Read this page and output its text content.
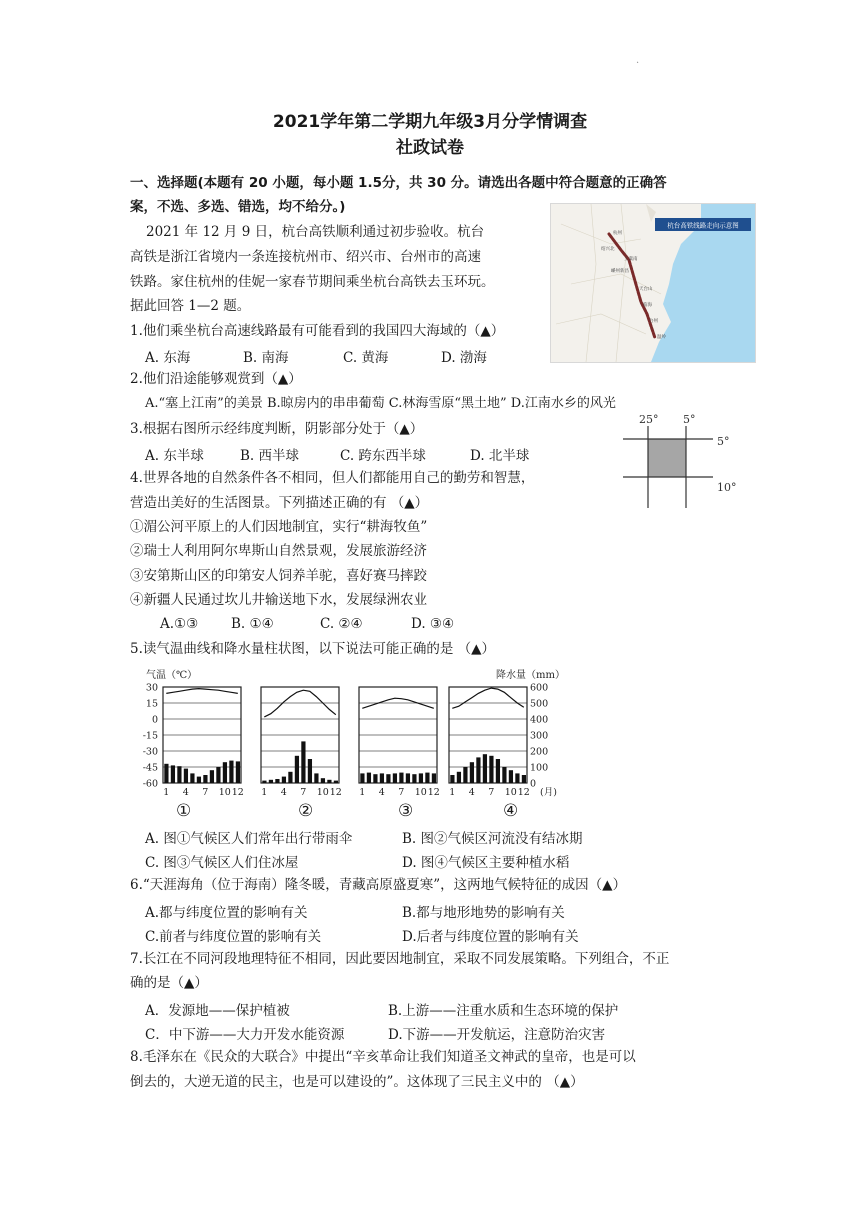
·
2021学年第二学期九年级3月分学情调查
社政试卷
一、选择题(本题有 20 小题，每小题 1.5分，共 30 分。请选出各题中符合题意的正确答
案，不选、多选、错选，均不给分。)
2021 年 12 月 9 日，杭台高铁顺利通过初步验收。杭台
高铁是浙江省境内一条连接杭州市、绍兴市、台州市的高速
铁路。家住杭州的佳妮一家春节期间乘坐杭台高铁去玉环玩。
据此回答 1—2 题。
杭州
绍兴北
上虞南
嵊州新昌
天台山
临海
台州
温岭
杭台高铁线路走向示意图
1.他们乘坐杭台高速线路最有可能看到的我国四大海域的（▲）
A. 东海	B. 南海	C. 黄海	D. 渤海
2.他们沿途能够观赏到（▲）
A.“塞上江南”的美景 B.晾房内的串串葡萄 C.林海雪原“黑土地” D.江南水乡的风光
3.根据右图所示经纬度判断，阴影部分处于（▲）
A. 东半球	B. 西半球	C. 跨东西半球	D. 北半球
25° 5°
5°
10°
4.世界各地的自然条件各不相同，但人们都能用自己的勤劳和智慧，
营造出美好的生活图景。下列描述正确的有 （▲）
①湄公河平原上的人们因地制宜，实行“耕海牧鱼”
②瑞士人利用阿尔卑斯山自然景观，发展旅游经济
③安第斯山区的印第安人饲养羊驼，喜好赛马摔跤
④新疆人民通过坎儿井输送地下水，发展绿洲农业
A.①③ B. ①④	C. ②④	D. ③④
5.读气温曲线和降水量柱状图，以下说法可能正确的是 （▲）
气温（℃）	降水量（mm）
30
15
0
-15
-30
-45
-60
600
500
400
300
200
100
0
1 4 7 10 12 1 4 7 10 12 1 4 7 10 12 1 4 7 10 12 (月)
①	②	③	④
A. 图①气候区人们常年出行带雨伞	B. 图②气候区河流没有结冰期
C. 图③气候区人们住冰屋	D. 图④气候区主要种植水稻
6.“天涯海角（位于海南）隆冬暖，青藏高原盛夏寒”，这两地气候特征的成因（▲）
A.都与纬度位置的影响有关	B.都与地形地势的影响有关
C.前者与纬度位置的影响有关	D.后者与纬度位置的影响有关
7.长江在不同河段地理特征不相同，因此要因地制宜，采取不同发展策略。下列组合，不正
确的是（▲）
A．发源地——保护植被	B.上游——注重水质和生态环境的保护
C．中下游——大力开发水能资源	D.下游——开发航运，注意防治灾害
8.毛泽东在《民众的大联合》中提出“辛亥革命让我们知道圣文神武的皇帝，也是可以
倒去的，大逆无道的民主，也是可以建设的”。这体现了三民主义中的 （▲）
